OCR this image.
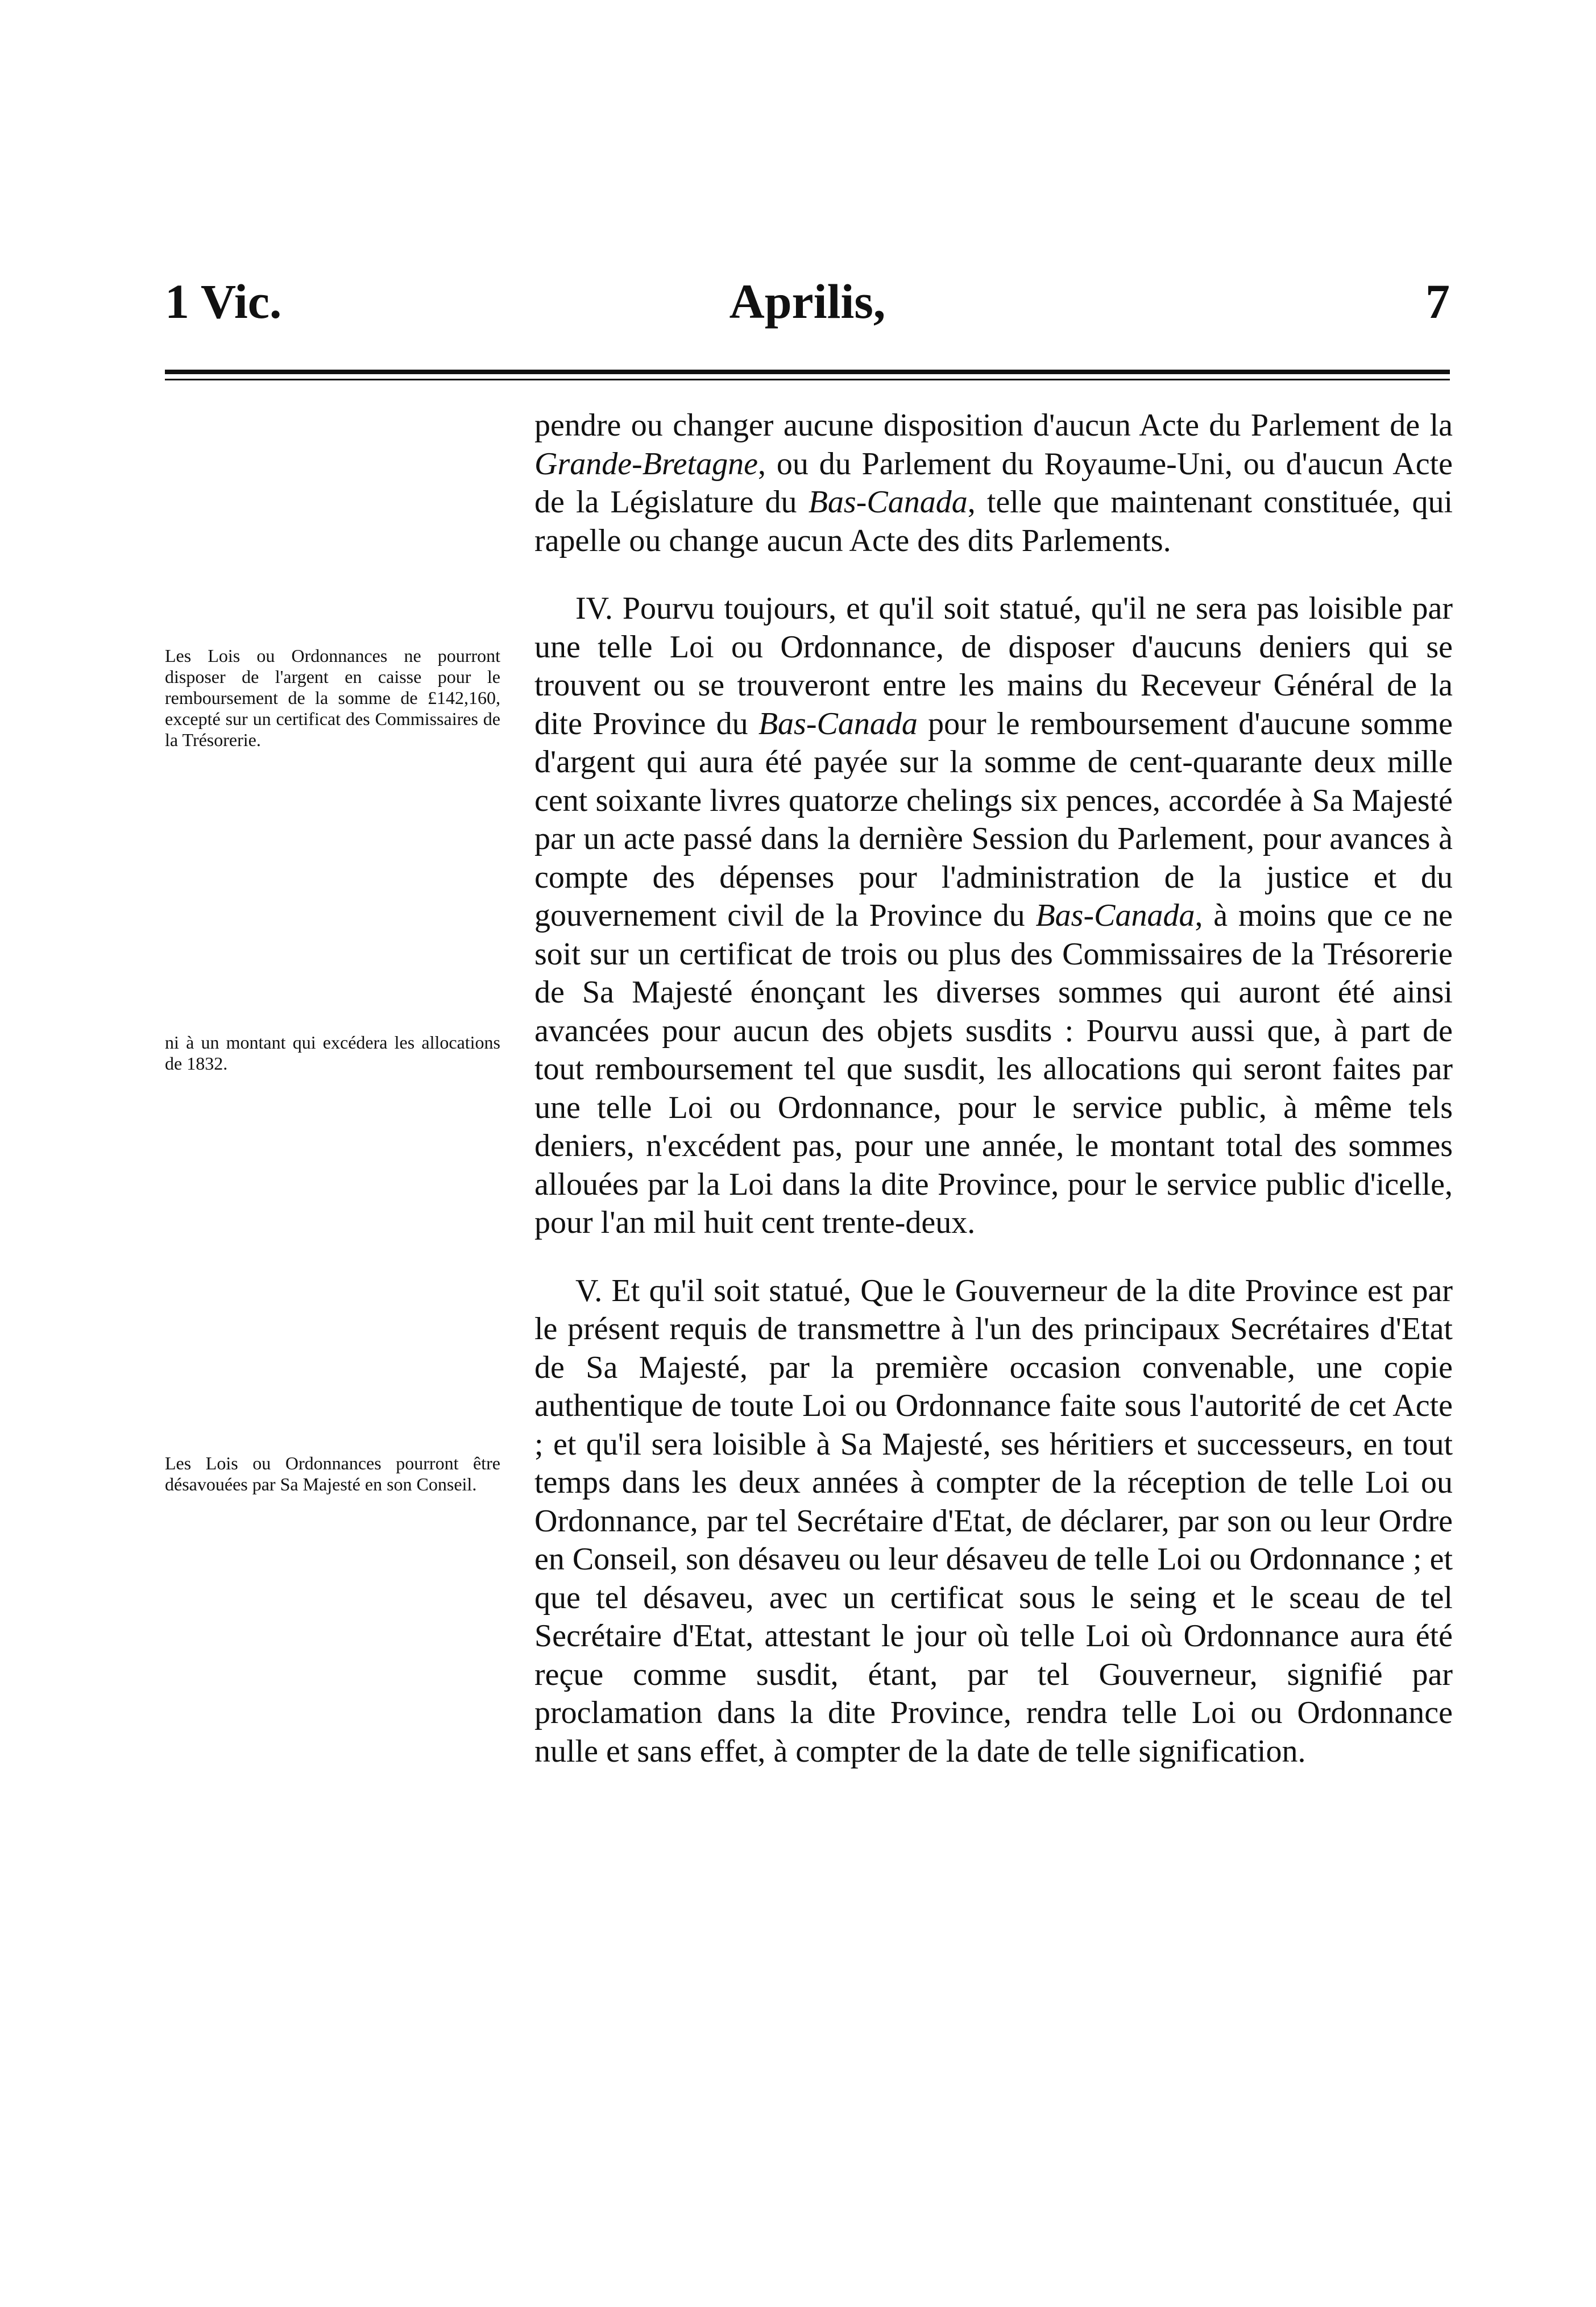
1 Vic.	Aprilis,	7

pendre ou changer aucune disposition d'aucun Acte du Parlement de la Grande-Bretagne, ou du Parlement du Royaume-Uni, ou d'aucun Acte de la Législature du Bas-Canada, telle que maintenant constituée, qui rapelle ou change aucun Acte des dits Parlements.

IV. Pourvu toujours, et qu'il soit statué, qu'il ne sera pas loisible par une telle Loi ou Ordonnance, de disposer d'aucuns deniers qui se trouvent ou se trouveront entre les mains du Receveur Général de la dite Province du Bas-Canada pour le remboursement d'aucune somme d'argent qui aura été payée sur la somme de cent-quarante deux mille cent soixante livres quatorze chelings six pences, accordée à Sa Majesté par un acte passé dans la dernière Session du Parlement, pour avances à compte des dépenses pour l'administration de la justice et du gouvernement civil de la Province du Bas-Canada, à moins que ce ne soit sur un certificat de trois ou plus des Commissaires de la Trésorerie de Sa Majesté énonçant les diverses sommes qui auront été ainsi avancées pour aucun des objets susdits : Pourvu aussi que, à part de tout remboursement tel que susdit, les allocations qui seront faites par une telle Loi ou Ordonnance, pour le service public, à même tels deniers, n'excédent pas, pour une année, le montant total des sommes allouées par la Loi dans la dite Province, pour le service public d'icelle, pour l'an mil huit cent trente-deux.

V. Et qu'il soit statué, Que le Gouverneur de la dite Province est par le présent requis de transmettre à l'un des principaux Secrétaires d'Etat de Sa Majesté, par la première occasion convenable, une copie authentique de toute Loi ou Ordonnance faite sous l'autorité de cet Acte ; et qu'il sera loisible à Sa Majesté, ses héritiers et successeurs, en tout temps dans les deux années à compter de la réception de telle Loi ou Ordonnance, par tel Secrétaire d'Etat, de déclarer, par son ou leur Ordre en Conseil, son désaveu ou leur désaveu de telle Loi ou Ordonnance ; et que tel désaveu, avec un certificat sous le seing et le sceau de tel Secrétaire d'Etat, attestant le jour où telle Loi où Ordonnance aura été reçue comme susdit, étant, par tel Gouverneur, signifié par proclamation dans la dite Province, rendra telle Loi ou Ordonnance nulle et sans effet, à compter de la date de telle signification.

Les Lois ou Ordonnances ne pourront disposer de l'argent en caisse pour le remboursement de la somme de £142,160, excepté sur un certificat des Commissaires de la Trésorerie.

ni à un montant qui excédera les allocations de 1832.

Les Lois ou Ordonnances pourront être désavouées par Sa Majesté en son Conseil.
